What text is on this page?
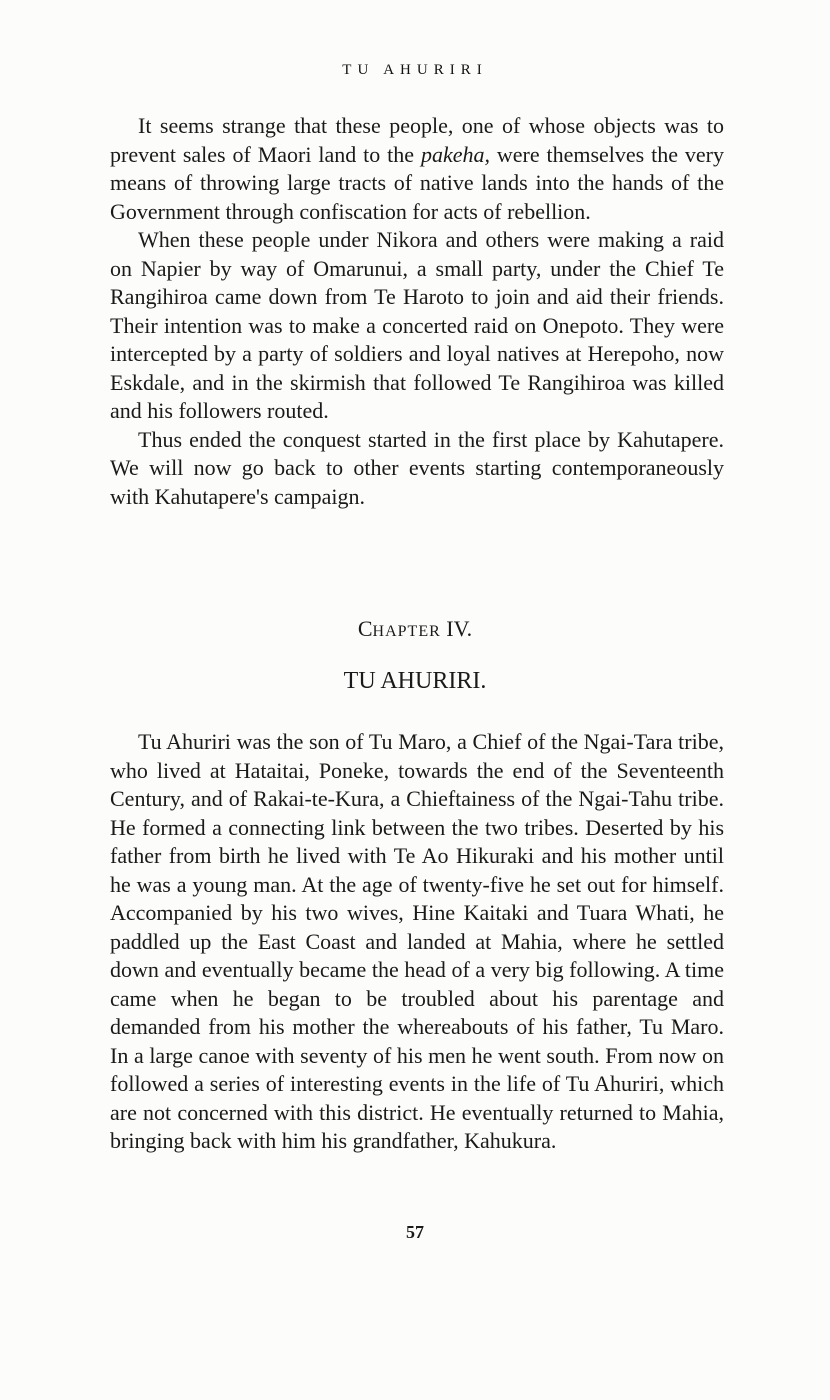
TU AHURIRI

It seems strange that these people, one of whose objects was to prevent sales of Maori land to the pakeha, were themselves the very means of throwing large tracts of native lands into the hands of the Government through confiscation for acts of rebellion.

When these people under Nikora and others were making a raid on Napier by way of Omarunui, a small party, under the Chief Te Rangihiroa came down from Te Haroto to join and aid their friends. Their intention was to make a concerted raid on Onepoto. They were intercepted by a party of soldiers and loyal natives at Herepoho, now Eskdale, and in the skirmish that followed Te Rangihiroa was killed and his followers routed.

Thus ended the conquest started in the first place by Kahutapere. We will now go back to other events starting contemporaneously with Kahutapere's campaign.

CHAPTER IV.
TU AHURIRI.

Tu Ahuriri was the son of Tu Maro, a Chief of the Ngai-Tara tribe, who lived at Hataitai, Poneke, towards the end of the Seventeenth Century, and of Rakai-te-Kura, a Chieftainess of the Ngai-Tahu tribe. He formed a connecting link between the two tribes. Deserted by his father from birth he lived with Te Ao Hikuraki and his mother until he was a young man. At the age of twenty-five he set out for himself. Accompanied by his two wives, Hine Kaitaki and Tuara Whati, he paddled up the East Coast and landed at Mahia, where he settled down and eventually became the head of a very big following. A time came when he began to be troubled about his parentage and demanded from his mother the whereabouts of his father, Tu Maro. In a large canoe with seventy of his men he went south. From now on followed a series of interesting events in the life of Tu Ahuriri, which are not concerned with this district. He eventually returned to Mahia, bringing back with him his grandfather, Kahukura.

57
